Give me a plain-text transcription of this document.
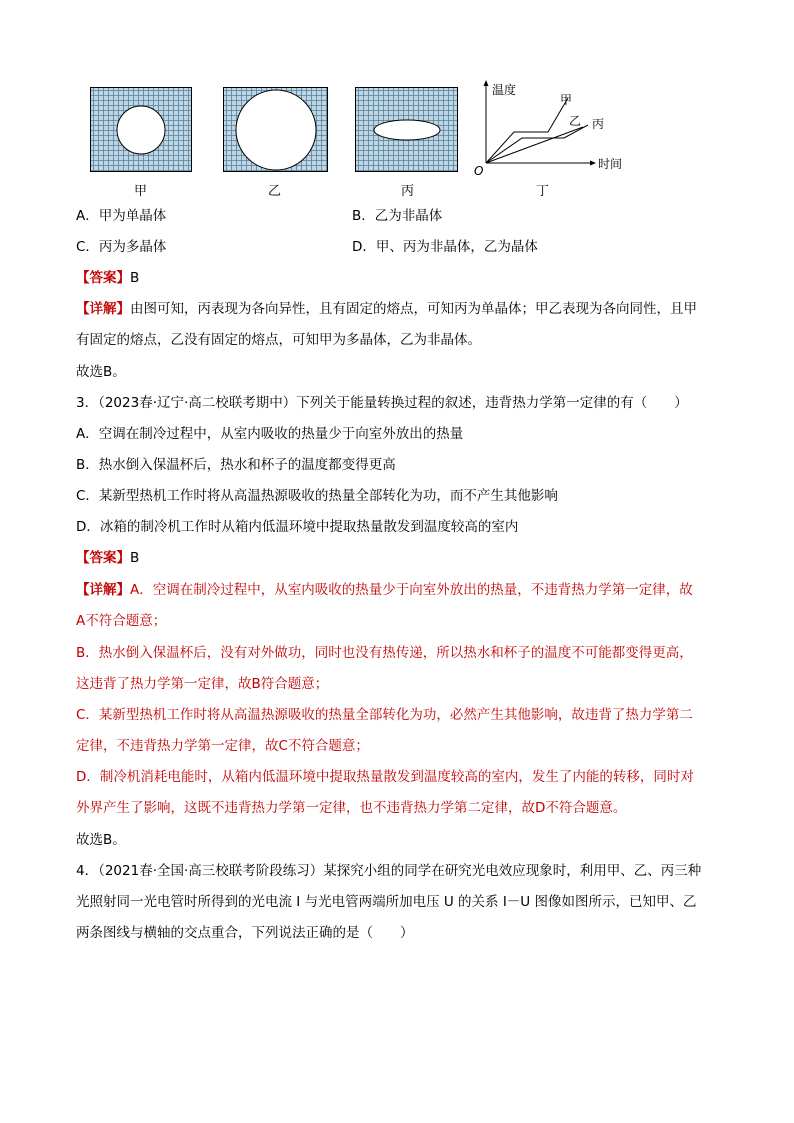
甲	乙	丙
温度
时间
O
甲
乙 丙
丁
A．甲为单晶体	B．乙为非晶体
C．丙为多晶体	D．甲、丙为非晶体，乙为晶体
【答案】B
【详解】由图可知，丙表现为各向异性，且有固定的熔点，可知丙为单晶体；甲乙表现为各向同性，且甲
有固定的熔点，乙没有固定的熔点，可知甲为多晶体，乙为非晶体。
故选B。
3．（2023春·辽宁·高二校联考期中）下列关于能量转换过程的叙述，违背热力学第一定律的有（　　）
A．空调在制冷过程中，从室内吸收的热量少于向室外放出的热量
B．热水倒入保温杯后，热水和杯子的温度都变得更高
C．某新型热机工作时将从高温热源吸收的热量全部转化为功，而不产生其他影响
D．冰箱的制冷机工作时从箱内低温环境中提取热量散发到温度较高的室内
【答案】B
【详解】A．空调在制冷过程中，从室内吸收的热量少于向室外放出的热量，不违背热力学第一定律，故
A不符合题意；
B．热水倒入保温杯后，没有对外做功，同时也没有热传递，所以热水和杯子的温度不可能都变得更高，
这违背了热力学第一定律，故B符合题意；
C．某新型热机工作时将从高温热源吸收的热量全部转化为功，必然产生其他影响，故违背了热力学第二
定律，不违背热力学第一定律，故C不符合题意；
D．制冷机消耗电能时，从箱内低温环境中提取热量散发到温度较高的室内，发生了内能的转移，同时对
外界产生了影响，这既不违背热力学第一定律，也不违背热力学第二定律，故D不符合题意。
故选B。
4．（2021春·全国·高三校联考阶段练习）某探究小组的同学在研究光电效应现象时，利用甲、乙、丙三种
光照射同一光电管时所得到的光电流 I 与光电管两端所加电压 U 的关系 I－U 图像如图所示，已知甲、乙
两条图线与横轴的交点重合，下列说法正确的是（　　）
